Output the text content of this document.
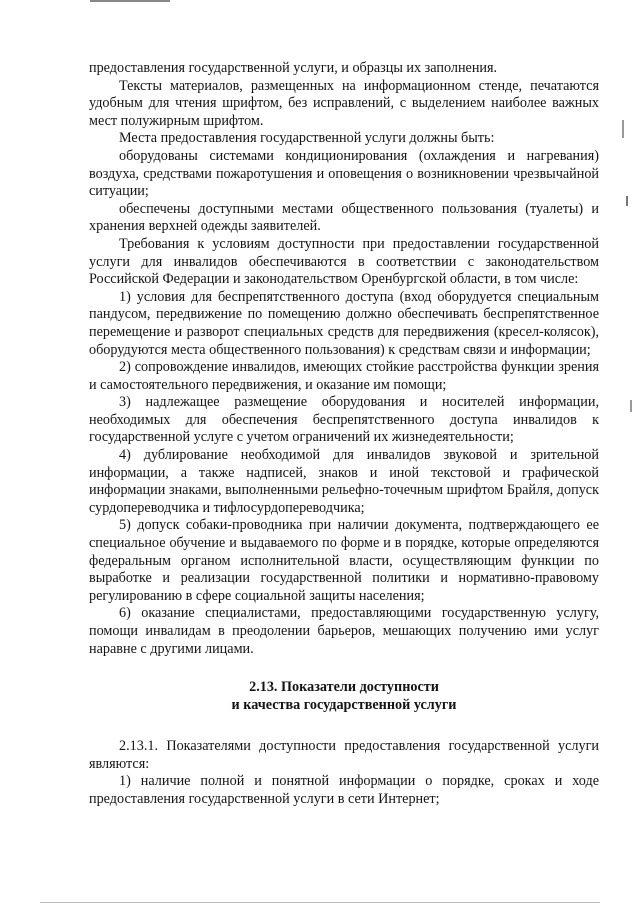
предоставления государственной услуги, и образцы их заполнения.

Тексты материалов, размещенных на информационном стенде, печатаются удобным для чтения шрифтом, без исправлений, с выделением наиболее важных мест полужирным шрифтом.

Места предоставления государственной услуги должны быть:

оборудованы системами кондиционирования (охлаждения и нагревания) воздуха, средствами пожаротушения и оповещения о возникновении чрезвычайной ситуации;

обеспечены доступными местами общественного пользования (туалеты) и хранения верхней одежды заявителей.

Требования к условиям доступности при предоставлении государственной услуги для инвалидов обеспечиваются в соответствии с законодательством Российской Федерации и законодательством Оренбургской области, в том числе:

1) условия для беспрепятственного доступа (вход оборудуется специальным пандусом, передвижение по помещению должно обеспечивать беспрепятственное перемещение и разворот специальных средств для передвижения (кресел-колясок), оборудуются места общественного пользования) к средствам связи и информации;

2) сопровождение инвалидов, имеющих стойкие расстройства функции зрения и самостоятельного передвижения, и оказание им помощи;

3) надлежащее размещение оборудования и носителей информации, необходимых для обеспечения беспрепятственного доступа инвалидов к государственной услуге с учетом ограничений их жизнедеятельности;

4) дублирование необходимой для инвалидов звуковой и зрительной информации, а также надписей, знаков и иной текстовой и графической информации знаками, выполненными рельефно-точечным шрифтом Брайля, допуск сурдопереводчика и тифлосурдопереводчика;

5) допуск собаки-проводника при наличии документа, подтверждающего ее специальное обучение и выдаваемого по форме и в порядке, которые определяются федеральным органом исполнительной власти, осуществляющим функции по выработке и реализации государственной политики и нормативно-правовому регулированию в сфере социальной защиты населения;

6) оказание специалистами, предоставляющими государственную услугу, помощи инвалидам в преодолении барьеров, мешающих получению ими услуг наравне с другими лицами.

2.13. Показатели доступности

и качества государственной услуги

2.13.1. Показателями доступности предоставления государственной услуги являются:

1) наличие полной и понятной информации о порядке, сроках и ходе предоставления государственной услуги в сети Интернет;
